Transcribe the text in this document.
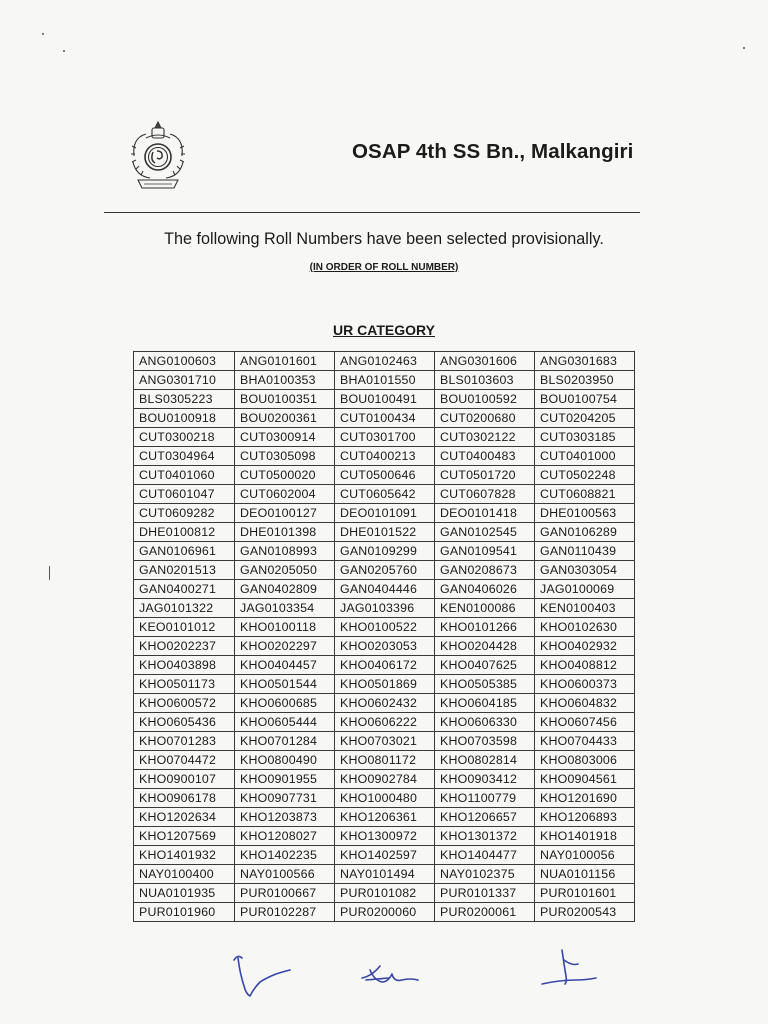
OSAP 4th SS Bn., Malkangiri
The following Roll Numbers have been selected provisionally.
(IN ORDER OF ROLL NUMBER)
UR CATEGORY
ANG0100603	ANG0101601	ANG0102463	ANG0301606	ANG0301683
ANG0301710	BHA0100353	BHA0101550	BLS0103603	BLS0203950
BLS0305223	BOU0100351	BOU0100491	BOU0100592	BOU0100754
BOU0100918	BOU0200361	CUT0100434	CUT0200680	CUT0204205
CUT0300218	CUT0300914	CUT0301700	CUT0302122	CUT0303185
CUT0304964	CUT0305098	CUT0400213	CUT0400483	CUT0401000
CUT0401060	CUT0500020	CUT0500646	CUT0501720	CUT0502248
CUT0601047	CUT0602004	CUT0605642	CUT0607828	CUT0608821
CUT0609282	DEO0100127	DEO0101091	DEO0101418	DHE0100563
DHE0100812	DHE0101398	DHE0101522	GAN0102545	GAN0106289
GAN0106961	GAN0108993	GAN0109299	GAN0109541	GAN0110439
GAN0201513	GAN0205050	GAN0205760	GAN0208673	GAN0303054
GAN0400271	GAN0402809	GAN0404446	GAN0406026	JAG0100069
JAG0101322	JAG0103354	JAG0103396	KEN0100086	KEN0100403
KEO0101012	KHO0100118	KHO0100522	KHO0101266	KHO0102630
KHO0202237	KHO0202297	KHO0203053	KHO0204428	KHO0402932
KHO0403898	KHO0404457	KHO0406172	KHO0407625	KHO0408812
KHO0501173	KHO0501544	KHO0501869	KHO0505385	KHO0600373
KHO0600572	KHO0600685	KHO0602432	KHO0604185	KHO0604832
KHO0605436	KHO0605444	KHO0606222	KHO0606330	KHO0607456
KHO0701283	KHO0701284	KHO0703021	KHO0703598	KHO0704433
KHO0704472	KHO0800490	KHO0801172	KHO0802814	KHO0803006
KHO0900107	KHO0901955	KHO0902784	KHO0903412	KHO0904561
KHO0906178	KHO0907731	KHO1000480	KHO1100779	KHO1201690
KHO1202634	KHO1203873	KHO1206361	KHO1206657	KHO1206893
KHO1207569	KHO1208027	KHO1300972	KHO1301372	KHO1401918
KHO1401932	KHO1402235	KHO1402597	KHO1404477	NAY0100056
NAY0100400	NAY0100566	NAY0101494	NAY0102375	NUA0101156
NUA0101935	PUR0100667	PUR0101082	PUR0101337	PUR0101601
PUR0101960	PUR0102287	PUR0200060	PUR0200061	PUR0200543
